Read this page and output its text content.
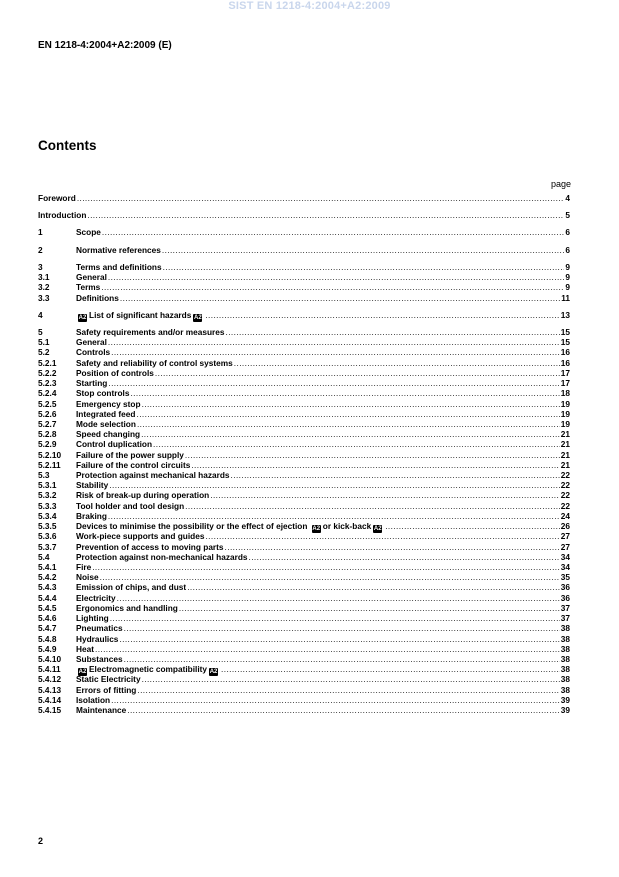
SIST EN 1218-4:2004+A2:2009
EN 1218-4:2004+A2:2009 (E)
Contents
page
Foreword .....	4
Introduction .....	5
1	Scope .....	6
2	Normative references .....	6
3	Terms and definitions .....	9
3.1	General .....	9
3.2	Terms .....	9
3.3	Definitions .....	11
4	A2 List of significant hazards A2 .....	13
5	Safety requirements and/or measures .....	15
5.1	General .....	15
5.2	Controls .....	16
5.2.1	Safety and reliability of control systems .....	16
5.2.2	Position of controls .....	17
5.2.3	Starting .....	17
5.2.4	Stop controls .....	18
5.2.5	Emergency stop .....	19
5.2.6	Integrated feed .....	19
5.2.7	Mode selection .....	19
5.2.8	Speed changing .....	21
5.2.9	Control duplication .....	21
5.2.10	Failure of the power supply .....	21
5.2.11	Failure of the control circuits .....	21
5.3	Protection against mechanical hazards .....	22
5.3.1	Stability .....	22
5.3.2	Risk of break-up during operation .....	22
5.3.3	Tool holder and tool design .....	22
5.3.4	Braking .....	24
5.3.5	Devices to minimise the possibility or the effect of ejection A2 or kick-back A2 .....	26
5.3.6	Work-piece supports and guides .....	27
5.3.7	Prevention of access to moving parts .....	27
5.4	Protection against non-mechanical hazards .....	34
5.4.1	Fire .....	34
5.4.2	Noise .....	35
5.4.3	Emission of chips, and dust .....	36
5.4.4	Electricity .....	36
5.4.5	Ergonomics and handling .....	37
5.4.6	Lighting .....	37
5.4.7	Pneumatics .....	38
5.4.8	Hydraulics .....	38
5.4.9	Heat .....	38
5.4.10	Substances .....	38
5.4.11	A2 Electromagnetic compatibility A2 .....	38
5.4.12	Static Electricity .....	38
5.4.13	Errors of fitting .....	38
5.4.14	Isolation .....	39
5.4.15	Maintenance .....	39
2
